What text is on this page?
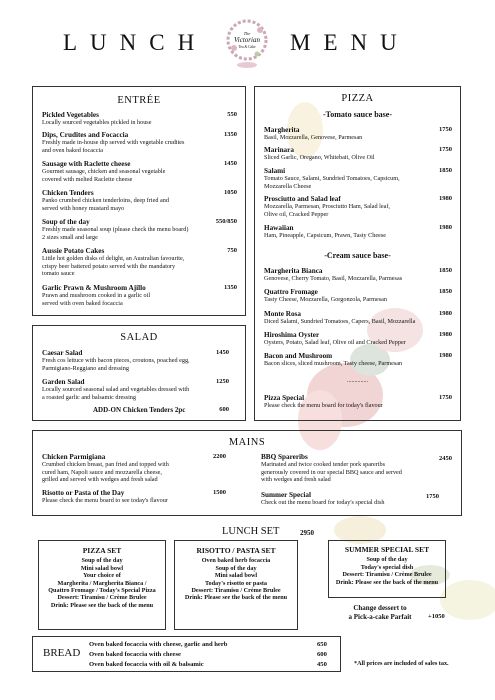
LUNCH	MENU
The
Victorian
Tea & Cake
ENTRÉE
Pickled Vegetables
Locally sourced vegetables pickled in house
550
Dips, Crudites and Focaccia
Freshly made in-house dip served with vegetable crudites
and oven baked focaccia
1350
Sausage with Raclette cheese
Gourmet sausage, chicken and seasonal vegetable
covered with melted Raclette cheese
1450
Chicken Tenders
Panko crumbed chicken tenderloins, deep fried and
served with honey mustard mayo
1050
Soup of the day
Freshly made seasonal soup (please check the menu board)
2 sizes small and large
550/850
Aussie Potato Cakes
Little hot golden disks of delight, an Australian favourite,
crispy beer battered potato served with the mandatory
tomato sauce
750
Garlic Prawn & Mushroom Ajillo
Prawn and mushroom cooked in a garlic oil
served with oven baked focaccia
1350
SALAD
Caesar Salad
Fresh cos lettuce with bacon pieces, croutons, poached egg,
Parmigiano-Reggiano and dressing
1450
Garden Salad
Locally sourced seasonal salad and vegetables dressed with
a roasted garlic and balsamic dressing
1250
ADD-ON Chicken Tenders 2pc	600
PIZZA
-Tomato sauce base-
Margherita
Basil, Mozzarella, Genovese, Parmesan
1750
Marinara
Sliced Garlic, Oregano, Whitebait, Olive Oil
1750
Salami
Tomato Sauce, Salami, Sundried Tomatoes, Capsicum,
Mozzarella Cheese
1850
Prosciutto and Salad leaf
Mozzarella, Parmesan, Prosciutto Ham, Salad leaf,
Olive oil, Cracked Pepper
1980
Hawaiian
Ham, Pineapple, Capsicum, Prawn, Tasty Cheese
1980
-Cream sauce base-
Margherita Bianca
Genovese, Cherry Tomato, Basil, Mozzarella, Parmesas
1850
Quattro Fromage
Tasty Cheese, Mozzarella, Gorgonzola, Parmesan
1850
Monte Rosa
Diced Salami, Sundried Tomatoes, Capers, Basil, Mozzarella
1980
Hiroshima Oyster
Oysters, Potato, Salad leaf, Olive oil and Cracked Pepper
1980
Bacon and Mushroom
Bacon slices, sliced mushroom, Tasty cheese, Parmesan
1980
..............
Pizza Special
Please check the menu board for today's flavour
1750
MAINS
Chicken Parmigiana
Crumbed chicken breast, pan fried and topped with
cured ham, Napoli sauce and mozzarella cheese,
grilled and served with wedges and fresh salad
2200
Risotto or Pasta of the Day
Please check the menu board to see today's flavour
1500
BBQ Spareribs
Marinated and twice cooked tender pork spareribs
generously covered in our special BBQ sauce and served
with wedges and fresh salad
2450
Summer Special
Check out the menu board for today's special dish
1750
LUNCH SET	2950
PIZZA SET
Soup of the day
Mini salad bowl
Your choice of
Margherita / Margherita Bianca /
Quattro Fromage / Today's Special Pizza
Dessert: Tiramisu / Crème Brulee
Drink: Please see the back of the menu
RISOTTO / PASTA SET
Oven baked herb focaccia
Soup of the day
Mini salad bowl
Today's risotto or pasta
Dessert: Tiramisu / Crème Brulee
Drink: Please see the back of the menu
SUMMER SPECIAL SET
Soup of the day
Today's special dish
Dessert: Tiramisu / Crème Brulee
Drink: Please see the back of the menu
Change dessert to
a Pick-a-cake Parfait	+1050
BREAD
Oven baked focaccia with cheese, garlic and herb	650
Oven baked focaccia with cheese	600
Oven baked focaccia with oil & balsamic	450	*All prices are included of sales tax.
